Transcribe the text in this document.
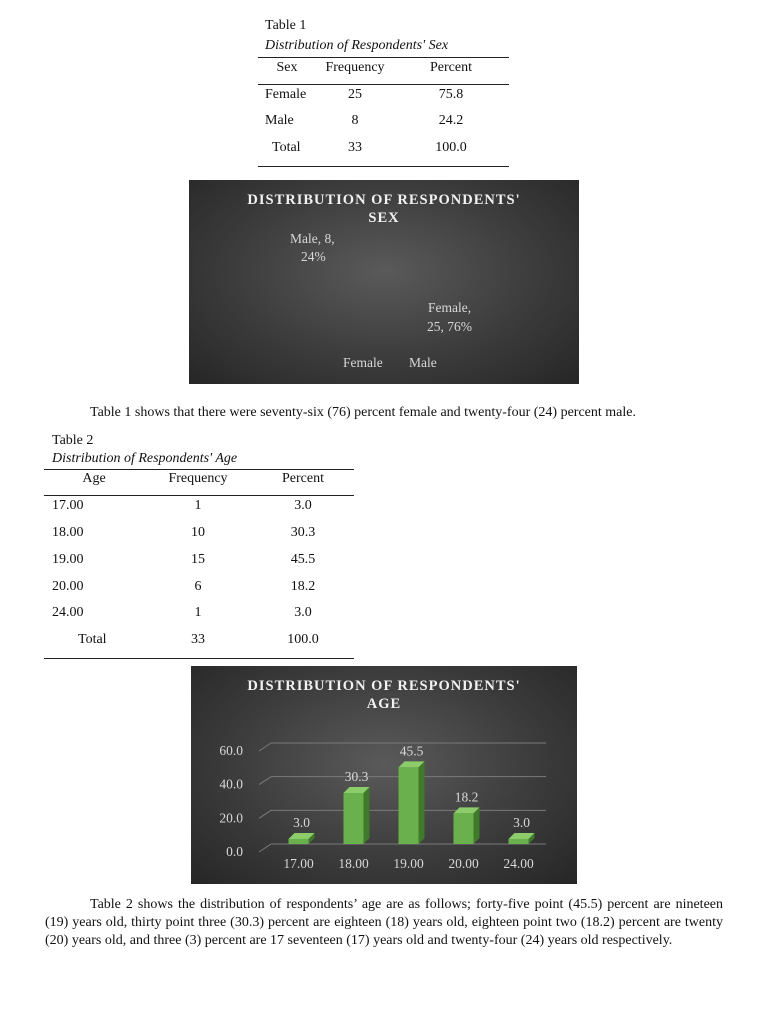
Table 1
Distribution of Respondents' Sex
Sex Frequency	Percent
Female	25	75.8
Male	8	24.2
Total	33	100.0
DISTRIBUTION OF RESPONDENTS'
SEX
Male, 8,
24%
Female,
25, 76%
Female Male
Table 1 shows that there were seventy-six (76) percent female and twenty-four (24) percent male.
Table 2
Distribution of Respondents' Age
Age	Frequency	Percent
17.00	1	3.0
18.00	10	30.3
19.00	15	45.5
20.00	6	18.2
24.00	1	3.0
Total	33	100.0
DISTRIBUTION OF RESPONDENTS'
AGE
0.0
20.0
40.0
60.0
3.0
17.00
30.3
18.00
45.5
19.00
18.2
20.00
3.0
24.00
Table 2 shows the distribution of respondents’ age are as follows; forty-five point (45.5) percent are nineteen (19) years old, thirty point three (30.3) percent are eighteen (18) years old, eighteen point two (18.2) percent are twenty (20) years old, and three (3) percent are 17 seventeen (17) years old and twenty-four (24) years old respectively.
